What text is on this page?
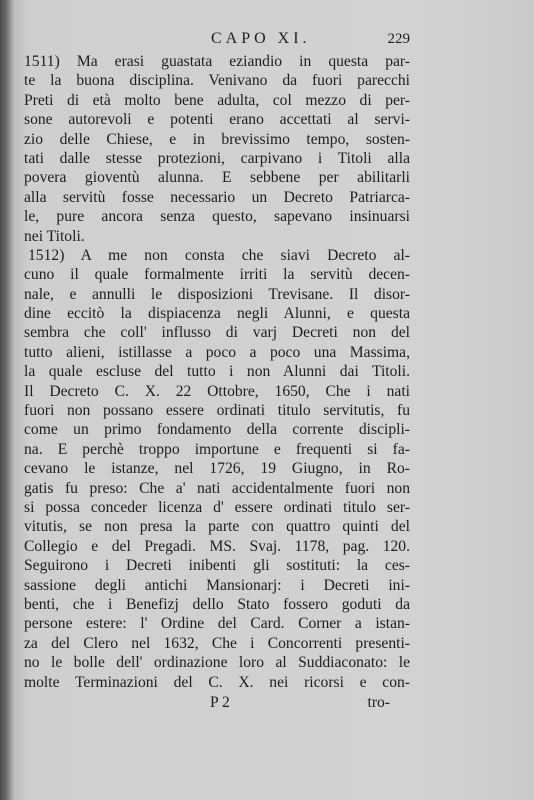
CAPO XI.	229
1511) Ma erasi guastata eziandio in questa par-
te la buona disciplina. Venivano da fuori parecchi
Preti di età molto bene adulta, col mezzo di per-
sone autorevoli e potenti erano accettati al servi-
zio delle Chiese, e in brevissimo tempo, sosten-
tati dalle stesse protezioni, carpivano i Titoli alla
povera gioventù alunna. E sebbene per abilitarli
alla servitù fosse necessario un Decreto Patriarca-
le, pure ancora senza questo, sapevano insinuarsi
nei Titoli.
1512) A me non consta che siavi Decreto al-
cuno il quale formalmente irriti la servitù decen-
nale, e annulli le disposizioni Trevisane. Il disor-
dine eccitò la dispiacenza negli Alunni, e questa
sembra che coll' influsso di varj Decreti non del
tutto alieni, istillasse a poco a poco una Massima,
la quale escluse del tutto i non Alunni dai Titoli.
Il Decreto C. X. 22 Ottobre, 1650, Che i nati
fuori non possano essere ordinati titulo servitutis, fu
come un primo fondamento della corrente discipli-
na. E perchè troppo importune e frequenti si fa-
cevano le istanze, nel 1726, 19 Giugno, in Ro-
gatis fu preso: Che a' nati accidentalmente fuori non
si possa conceder licenza d' essere ordinati titulo ser-
vitutis, se non presa la parte con quattro quinti del
Collegio e del Pregadi. MS. Svaj. 1178, pag. 120.
Seguirono i Decreti inibenti gli sostituti: la ces-
sassione degli antichi Mansionarj: i Decreti ini-
benti, che i Benefizj dello Stato fossero goduti da
persone estere: l' Ordine del Card. Corner a istan-
za del Clero nel 1632, Che i Concorrenti presenti-
no le bolle dell' ordinazione loro al Suddiaconato: le
molte Terminazioni del C. X. nei ricorsi e con-
P 2	tro-
